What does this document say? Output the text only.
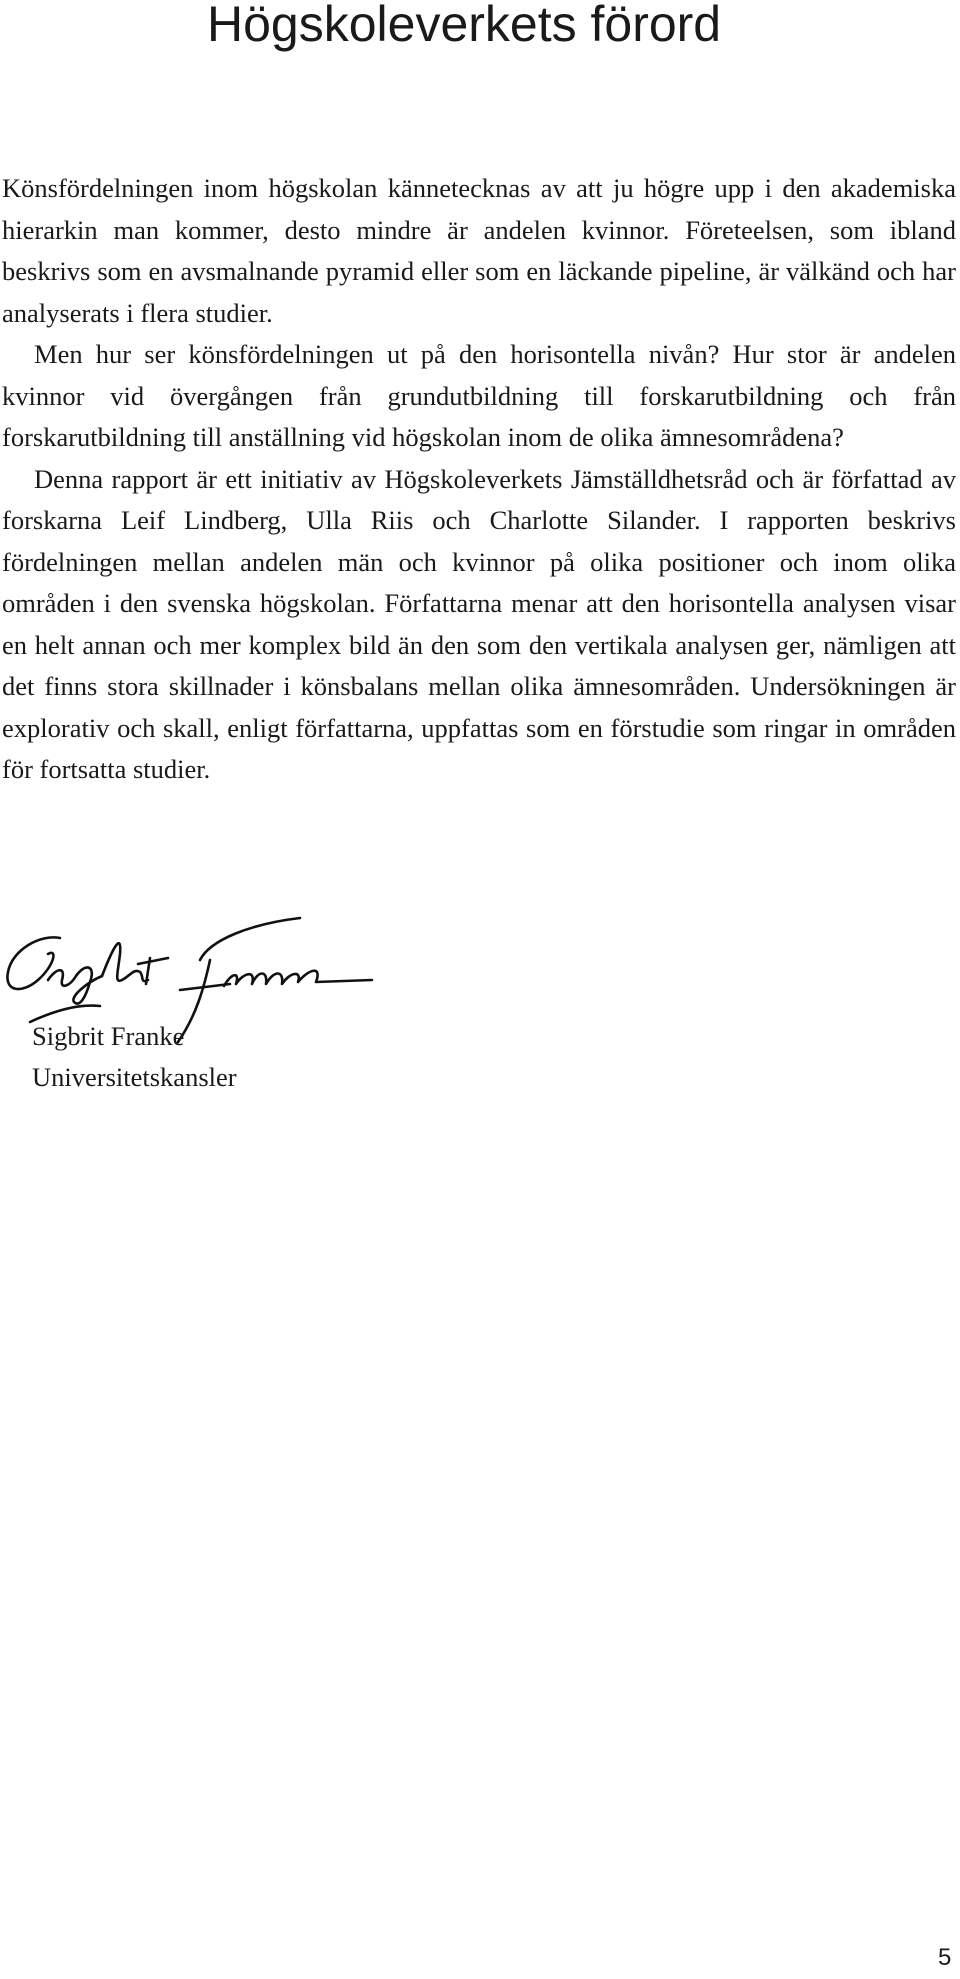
Högskoleverkets förord

Könsfördelningen inom högskolan kännetecknas av att ju högre upp i den akademiska hierarkin man kommer, desto mindre är andelen kvinnor. Företeelsen, som ibland beskrivs som en avsmalnande pyramid eller som en läckande pipeline, är välkänd och har analyserats i flera studier.

Men hur ser könsfördelningen ut på den horisontella nivån? Hur stor är andelen kvinnor vid övergången från grundutbildning till forskarutbildning och från forskarutbildning till anställning vid högskolan inom de olika ämnesområdena?

Denna rapport är ett initiativ av Högskoleverkets Jämställdhetsråd och är författad av forskarna Leif Lindberg, Ulla Riis och Charlotte Silander. I rapporten beskrivs fördelningen mellan andelen män och kvinnor på olika positioner och inom olika områden i den svenska högskolan. Författarna menar att den horisontella analysen visar en helt annan och mer komplex bild än den som den vertikala analysen ger, nämligen att det finns stora skillnader i könsbalans mellan olika ämnesområden. Undersökningen är explorativ och skall, enligt författarna, uppfattas som en förstudie som ringar in områden för fortsatta studier.

Sigbrit Franke
Universitetskansler
5
